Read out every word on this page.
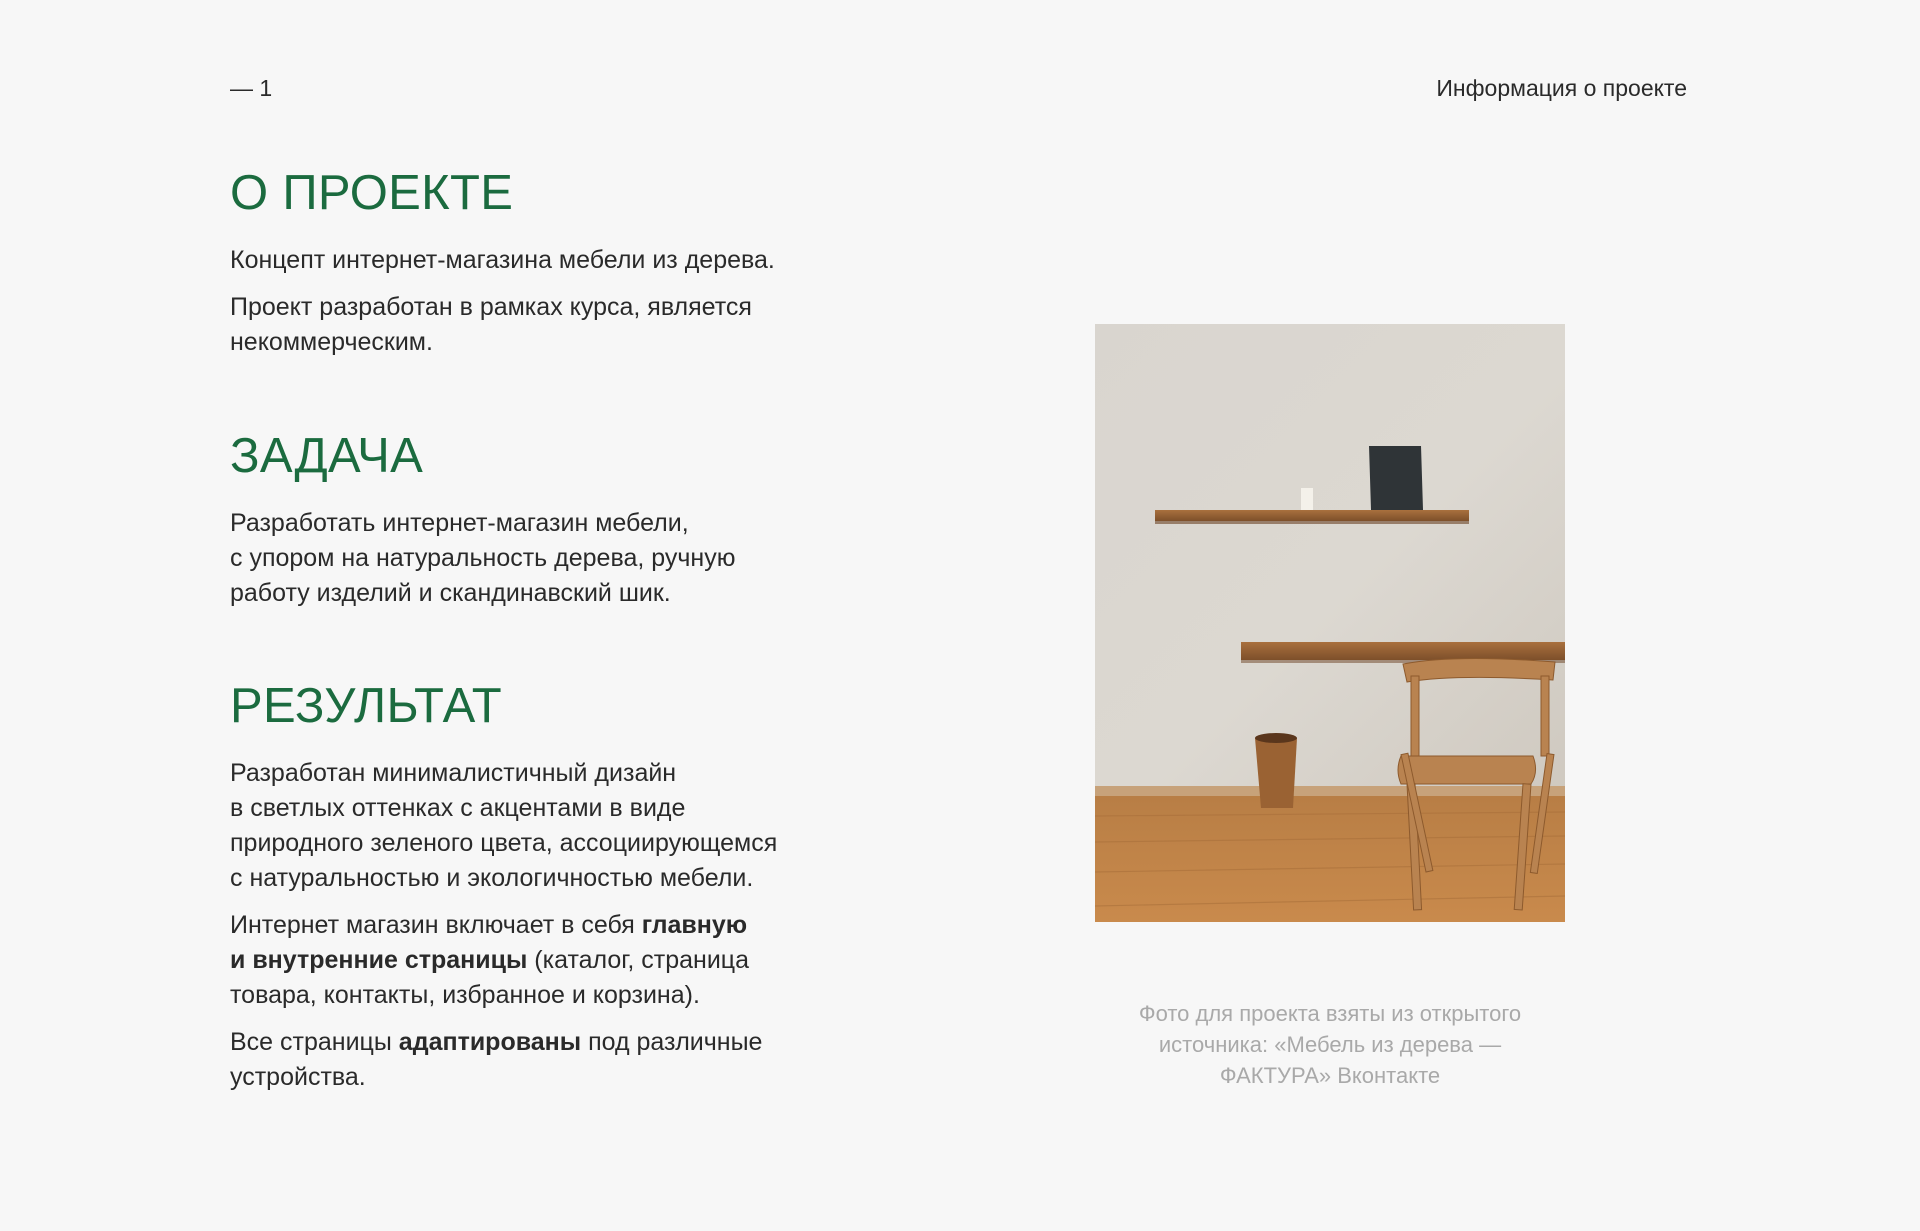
— 1	Информация о проекте
О ПРОЕКТЕ

Концепт интернет-магазина мебели из дерева.

Проект разработан в рамках курса, является
некоммерческим.

ЗАДАЧА

Разработать интернет-магазин мебели,
с упором на натуральность дерева, ручную
работу изделий и скандинавский шик.

РЕЗУЛЬТАТ

Разработан минималистичный дизайн
в светлых оттенках с акцентами в виде
природного зеленого цвета, ассоциирующемся
с натуральностью и экологичностью мебели.

Интернет магазин включает в себя главную
и внутренние страницы (каталог, страница
товара, контакты, избранное и корзина).

Все страницы адаптированы под различные
устройства.

Фото для проекта взяты из открытого
источника: «Мебель из дерева —
ФАКТУРА» Вконтакте
